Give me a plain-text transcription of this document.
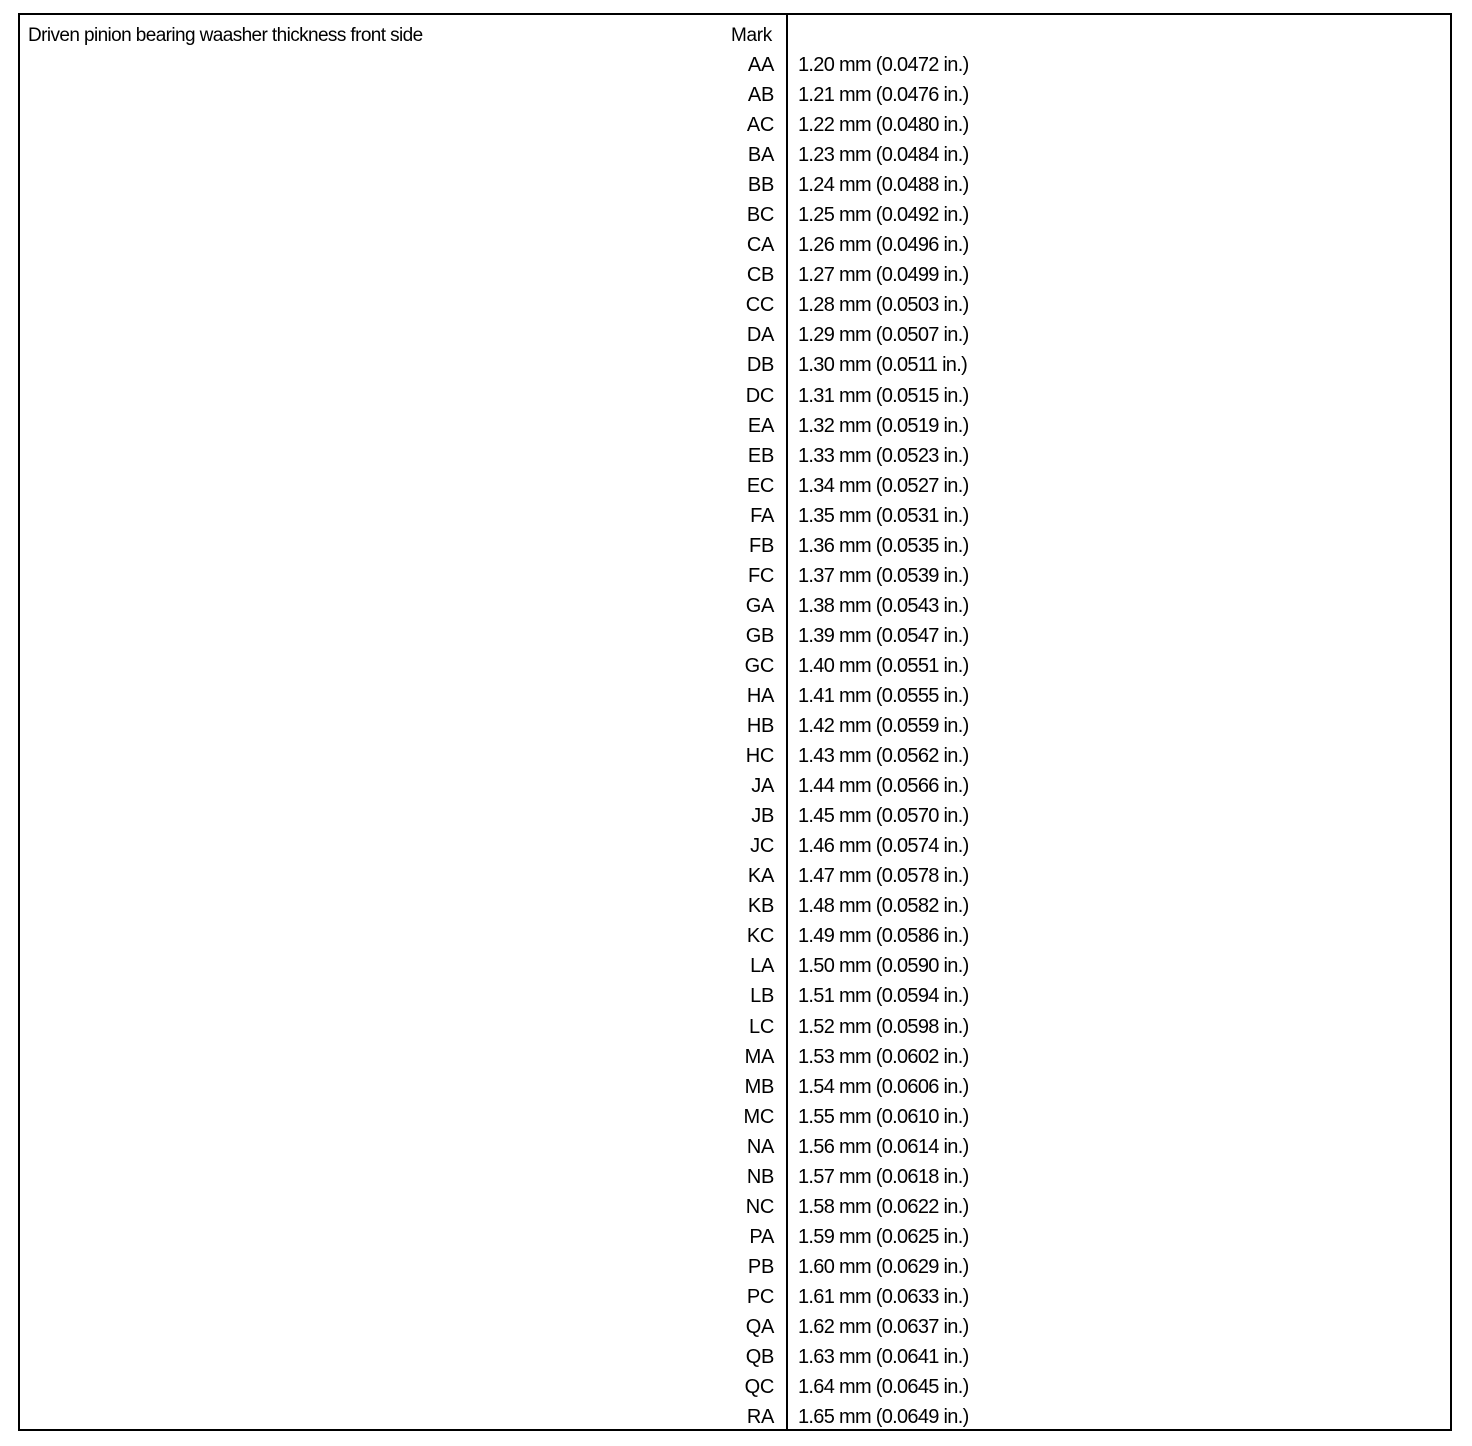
Driven pinion bearing waasher thickness front side	Mark
AA 1.20 mm (0.0472 in.)
AB 1.21 mm (0.0476 in.)
AC 1.22 mm (0.0480 in.)
BA 1.23 mm (0.0484 in.)
BB 1.24 mm (0.0488 in.)
BC 1.25 mm (0.0492 in.)
CA 1.26 mm (0.0496 in.)
CB 1.27 mm (0.0499 in.)
CC 1.28 mm (0.0503 in.)
DA 1.29 mm (0.0507 in.)
DB 1.30 mm (0.0511 in.)
DC 1.31 mm (0.0515 in.)
EA 1.32 mm (0.0519 in.)
EB 1.33 mm (0.0523 in.)
EC 1.34 mm (0.0527 in.)
FA 1.35 mm (0.0531 in.)
FB 1.36 mm (0.0535 in.)
FC 1.37 mm (0.0539 in.)
GA 1.38 mm (0.0543 in.)
GB 1.39 mm (0.0547 in.)
GC 1.40 mm (0.0551 in.)
HA 1.41 mm (0.0555 in.)
HB 1.42 mm (0.0559 in.)
HC 1.43 mm (0.0562 in.)
JA 1.44 mm (0.0566 in.)
JB 1.45 mm (0.0570 in.)
JC 1.46 mm (0.0574 in.)
KA 1.47 mm (0.0578 in.)
KB 1.48 mm (0.0582 in.)
KC 1.49 mm (0.0586 in.)
LA 1.50 mm (0.0590 in.)
LB 1.51 mm (0.0594 in.)
LC 1.52 mm (0.0598 in.)
MA 1.53 mm (0.0602 in.)
MB 1.54 mm (0.0606 in.)
MC 1.55 mm (0.0610 in.)
NA 1.56 mm (0.0614 in.)
NB 1.57 mm (0.0618 in.)
NC 1.58 mm (0.0622 in.)
PA 1.59 mm (0.0625 in.)
PB 1.60 mm (0.0629 in.)
PC 1.61 mm (0.0633 in.)
QA 1.62 mm (0.0637 in.)
QB 1.63 mm (0.0641 in.)
QC 1.64 mm (0.0645 in.)
RA 1.65 mm (0.0649 in.)
